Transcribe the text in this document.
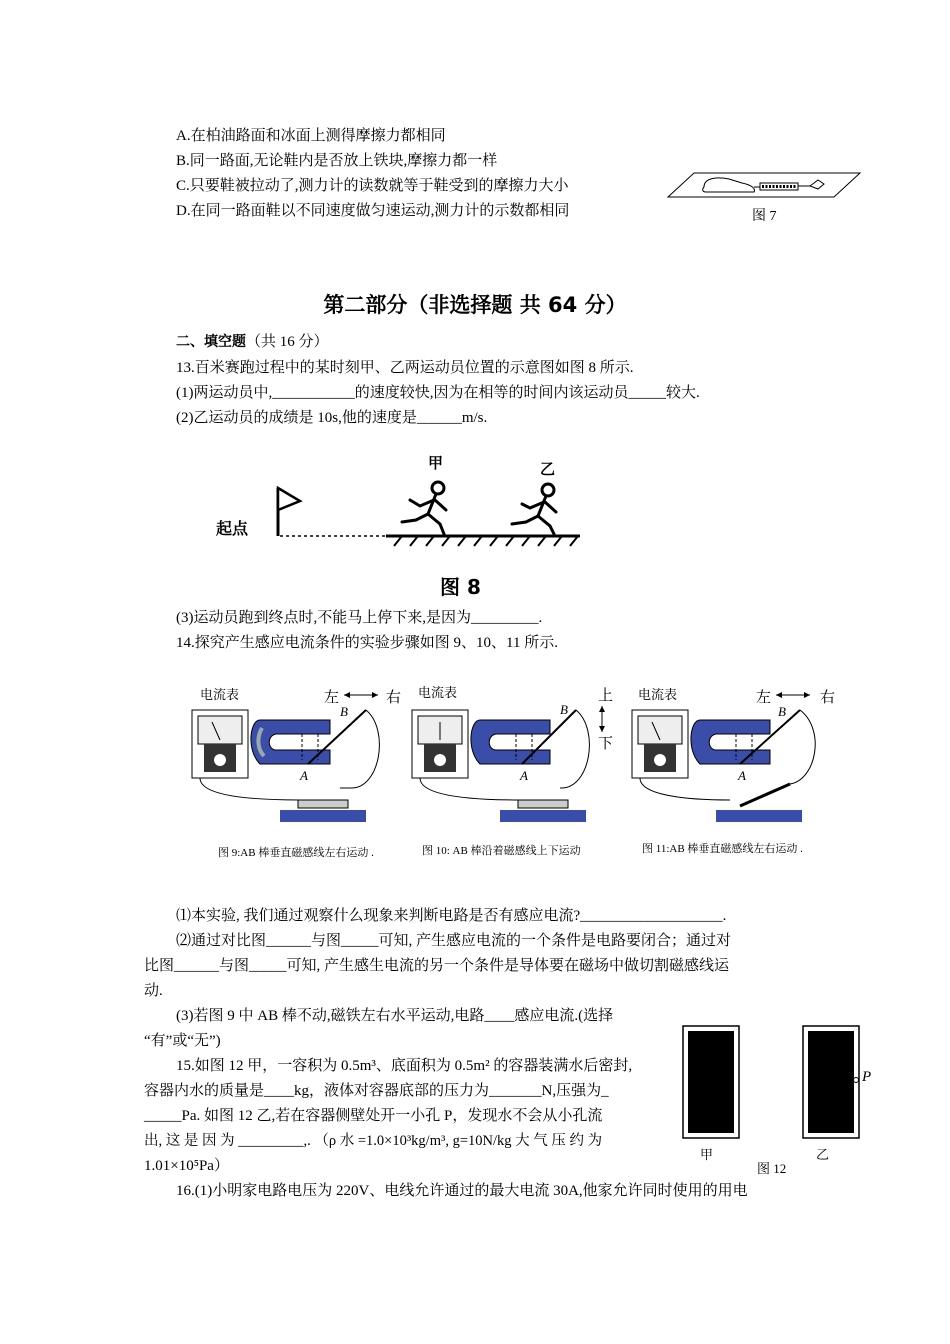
A.在柏油路面和冰面上测得摩擦力都相同
B.同一路面,无论鞋内是否放上铁块,摩擦力都一样
C.只要鞋被拉动了,测力计的读数就等于鞋受到的摩擦力大小
D.在同一路面鞋以不同速度做匀速运动,测力计的示数都相同	图 7
第二部分（非选择题 共 64 分）
二、填空题（共 16 分）
13.百米赛跑过程中的某时刻甲、乙两运动员位置的示意图如图 8 所示.
(1)两运动员中,___________的速度较快,因为在相等的时间内该运动员_____较大.
(2)乙运动员的成绩是 10s,他的速度是______m/s.
起点
甲	乙
图 8
(3)运动员跑到终点时,不能马上停下来,是因为_________.
14.探究产生感应电流条件的实验步骤如图 9、10、11 所示.
电流表	左	右
B
A
电流表	上
下
B
A
电流表	左	右
B
A
图 9:AB 棒垂直磁感线左右运动 .	图 10: AB 棒沿着磁感线上下运动	图 11:AB 棒垂直磁感线左右运动 .
⑴本实验, 我们通过观察什么现象来判断电路是否有感应电流?___________________.
⑵通过对比图______与图_____可知, 产生感应电流的一个条件是电路要闭合；通过对
比图______与图_____可知, 产生感生电流的另一个条件是导体要在磁场中做切割磁感线运
动.
(3)若图 9 中 AB 棒不动,磁铁左右水平运动,电路____感应电流.(选择
“有”或“无”)
15.如图 12 甲，一容积为 0.5m³、底面积为 0.5m² 的容器装满水后密封,
容器内水的质量是____kg，液体对容器底部的压力为_______N,压强为_
_____Pa. 如图 12 乙,若在容器侧壁处开一小孔 P，发现水不会从小孔流
出, 这 是 因 为 _________,. （ρ 水 =1.0×10³kg/m³, g=10N/kg 大 气 压 约 为
1.01×10⁵Pa）
P
甲	乙
图 12
16.(1)小明家电路电压为 220V、电线允许通过的最大电流 30A,他家允许同时使用的用电
